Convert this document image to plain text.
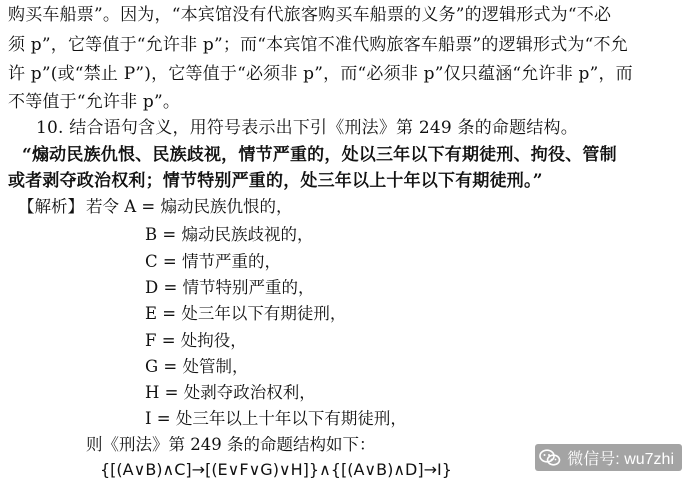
购买车船票”。因为，“本宾馆没有代旅客购买车船票的义务”的逻辑形式为“不必
须 p”，它等值于“允许非 p”；而“本宾馆不准代购旅客车船票”的逻辑形式为“不允
许 p”(或“禁止 P”)，它等值于“必须非 p”，而“必须非 p”仅只蕴涵“允许非 p”，而
不等值于“允许非 p”。
10. 结合语句含义，用符号表示出下引《刑法》第 249 条的命题结构。
“煽动民族仇恨、民族歧视，情节严重的，处以三年以下有期徒刑、拘役、管制
或者剥夺政治权利；情节特别严重的，处三年以上十年以下有期徒刑。”
【解析】 若令 A = 煽动民族仇恨的，
B = 煽动民族歧视的，
C = 情节严重的，
D = 情节特别严重的，
E = 处三年以下有期徒刑，
F = 处拘役，
G = 处管制，
H = 处剥夺政治权利，
I = 处三年以上十年以下有期徒刑，
则《刑法》第 249 条的命题结构如下：
{[(A∨B)∧C]→[(E∨F∨G)∨H]}∧{[(A∨B)∧D]→I}
微信号: wu7zhi
